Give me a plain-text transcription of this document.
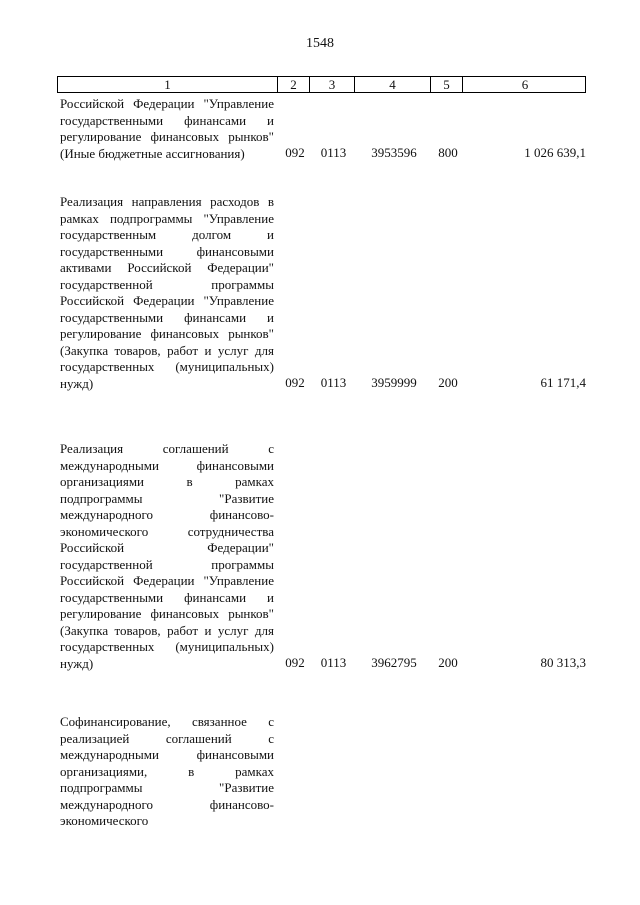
1548
1	2	3	4	5	6
Российской Федерации "Управление государственными финансами и регулирование финансовых рынков" (Иные бюджетные ассигнования)	092	0113	3953596	800	1 026 639,1
Реализация направления расходов в рамках подпрограммы "Управление государственным долгом и государственными финансовыми активами Российской Федерации" государственной программы Российской Федерации "Управление государственными финансами и регулирование финансовых рынков" (Закупка товаров, работ и услуг для государственных (муниципальных) нужд)	092	0113	3959999	200	61 171,4
Реализация соглашений с международными финансовыми организациями в рамках подпрограммы "Развитие международного финансово-экономического сотрудничества Российской Федерации" государственной программы Российской Федерации "Управление государственными финансами и регулирование финансовых рынков" (Закупка товаров, работ и услуг для государственных (муниципальных) нужд)	092	0113	3962795	200	80 313,3
Софинансирование, связанное с реализацией соглашений с международными финансовыми организациями, в рамках подпрограммы "Развитие международного финансово-экономического
